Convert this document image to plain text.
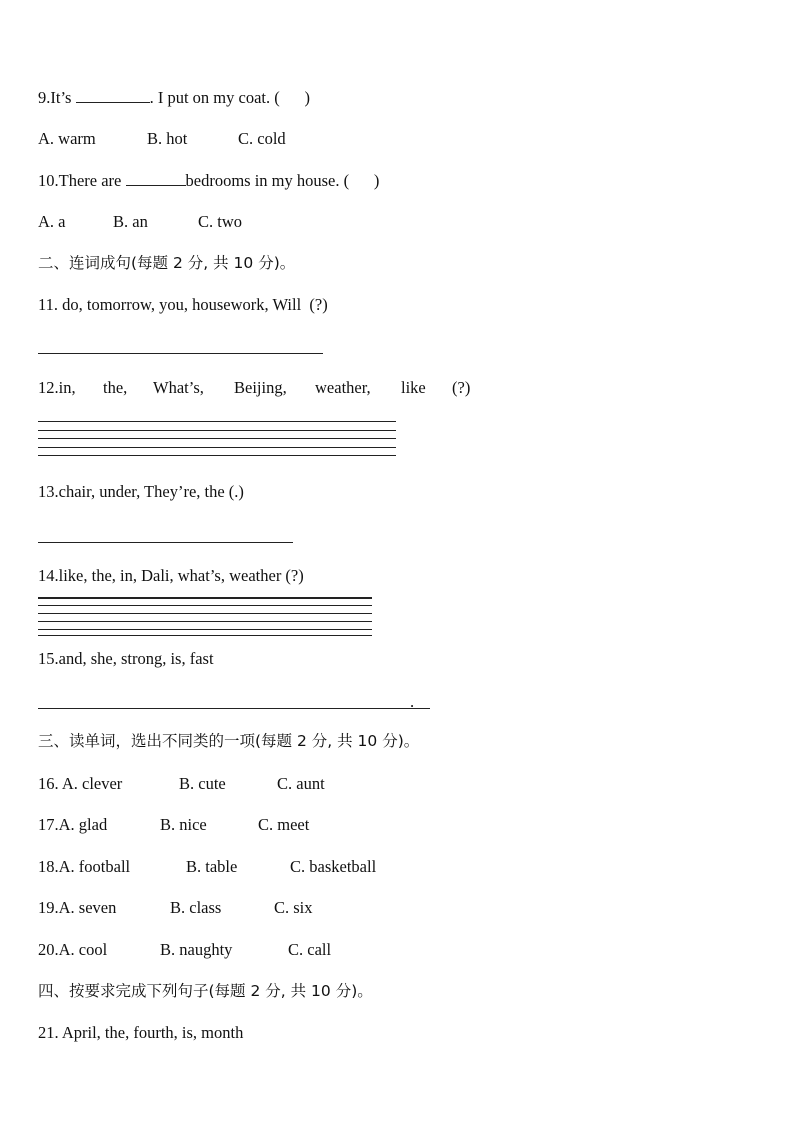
9.It’s	. I put on my coat. (      )
A. warm	B. hot	C. cold
10.There are	bedrooms in my house. (      )
A. a	B. an	C. two
二、连词成句(每题 2 分, 共 10 分)。
11. do, tomorrow, you, housework, Will  (?)
12.in, the, What’s, Beijing, weather, like (?)
13.chair, under, They’re, the (.)
14.like, the, in, Dali, what’s, weather (?)
15.and, she, strong, is, fast
.
三、读单词，选出不同类的一项(每题 2 分, 共 10 分)。
16. A. clever	B. cute	C. aunt
17.A. glad	B. nice	C. meet
18.A. football	B. table	C. basketball
19.A. seven	B. class	C. six
20.A. cool	B. naughty	C. call
四、按要求完成下列句子(每题 2 分, 共 10 分)。
21. April, the, fourth, is, month
